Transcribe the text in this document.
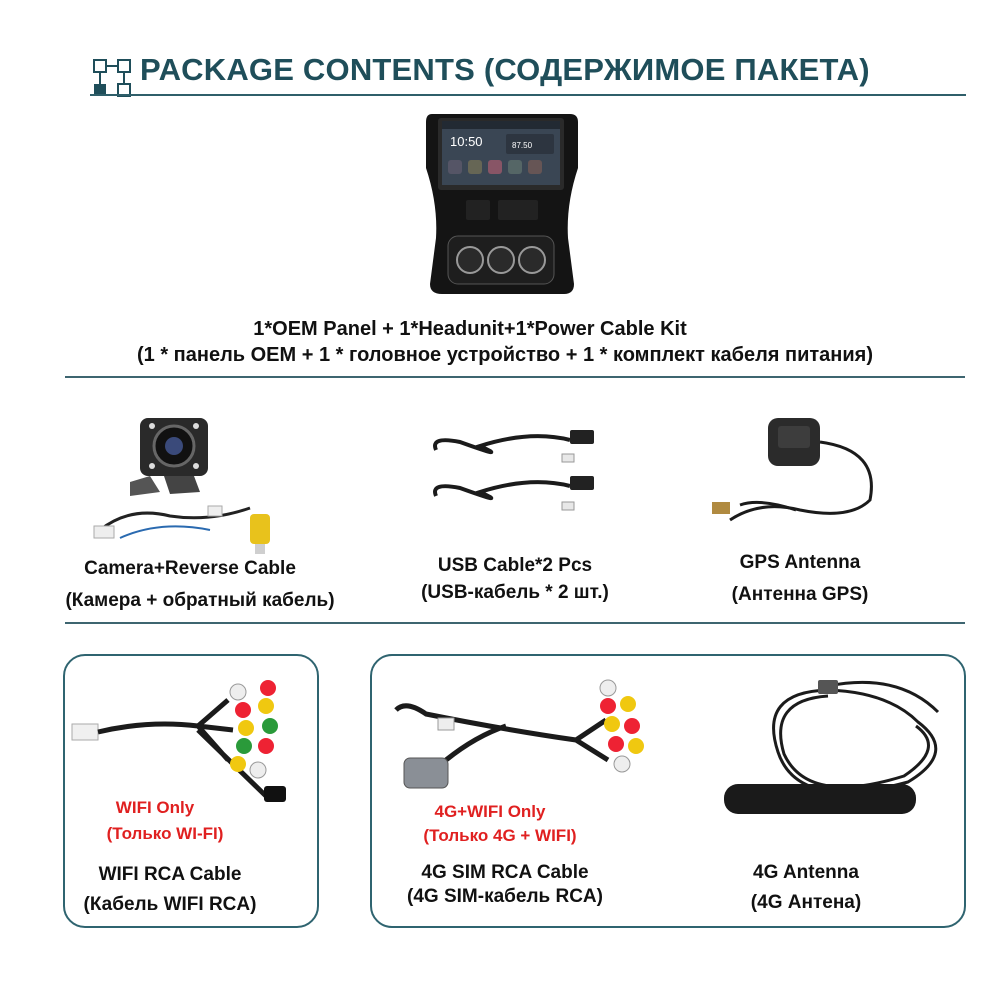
PACKAGE CONTENTS (СОДЕРЖИМОЕ ПАКЕТА)
10:50	87.50
1*OEM Panel + 1*Headunit+1*Power Cable Kit
(1 * панель OEM + 1 * головное устройство + 1 * комплект кабеля питания)
Camera+Reverse Cable
(Камера + обратный кабель)
USB Cable*2 Pcs
(USB-кабель * 2 шт.)
GPS Antenna
(Антенна GPS)
WIFI Only
(Только WI-FI)
WIFI RCA Cable
(Кабель WIFI RCA)
4G+WIFI Only
(Только 4G + WIFI)
4G SIM RCA Cable
(4G SIM-кабель RCA)
4G Antenna
(4G Антена)
